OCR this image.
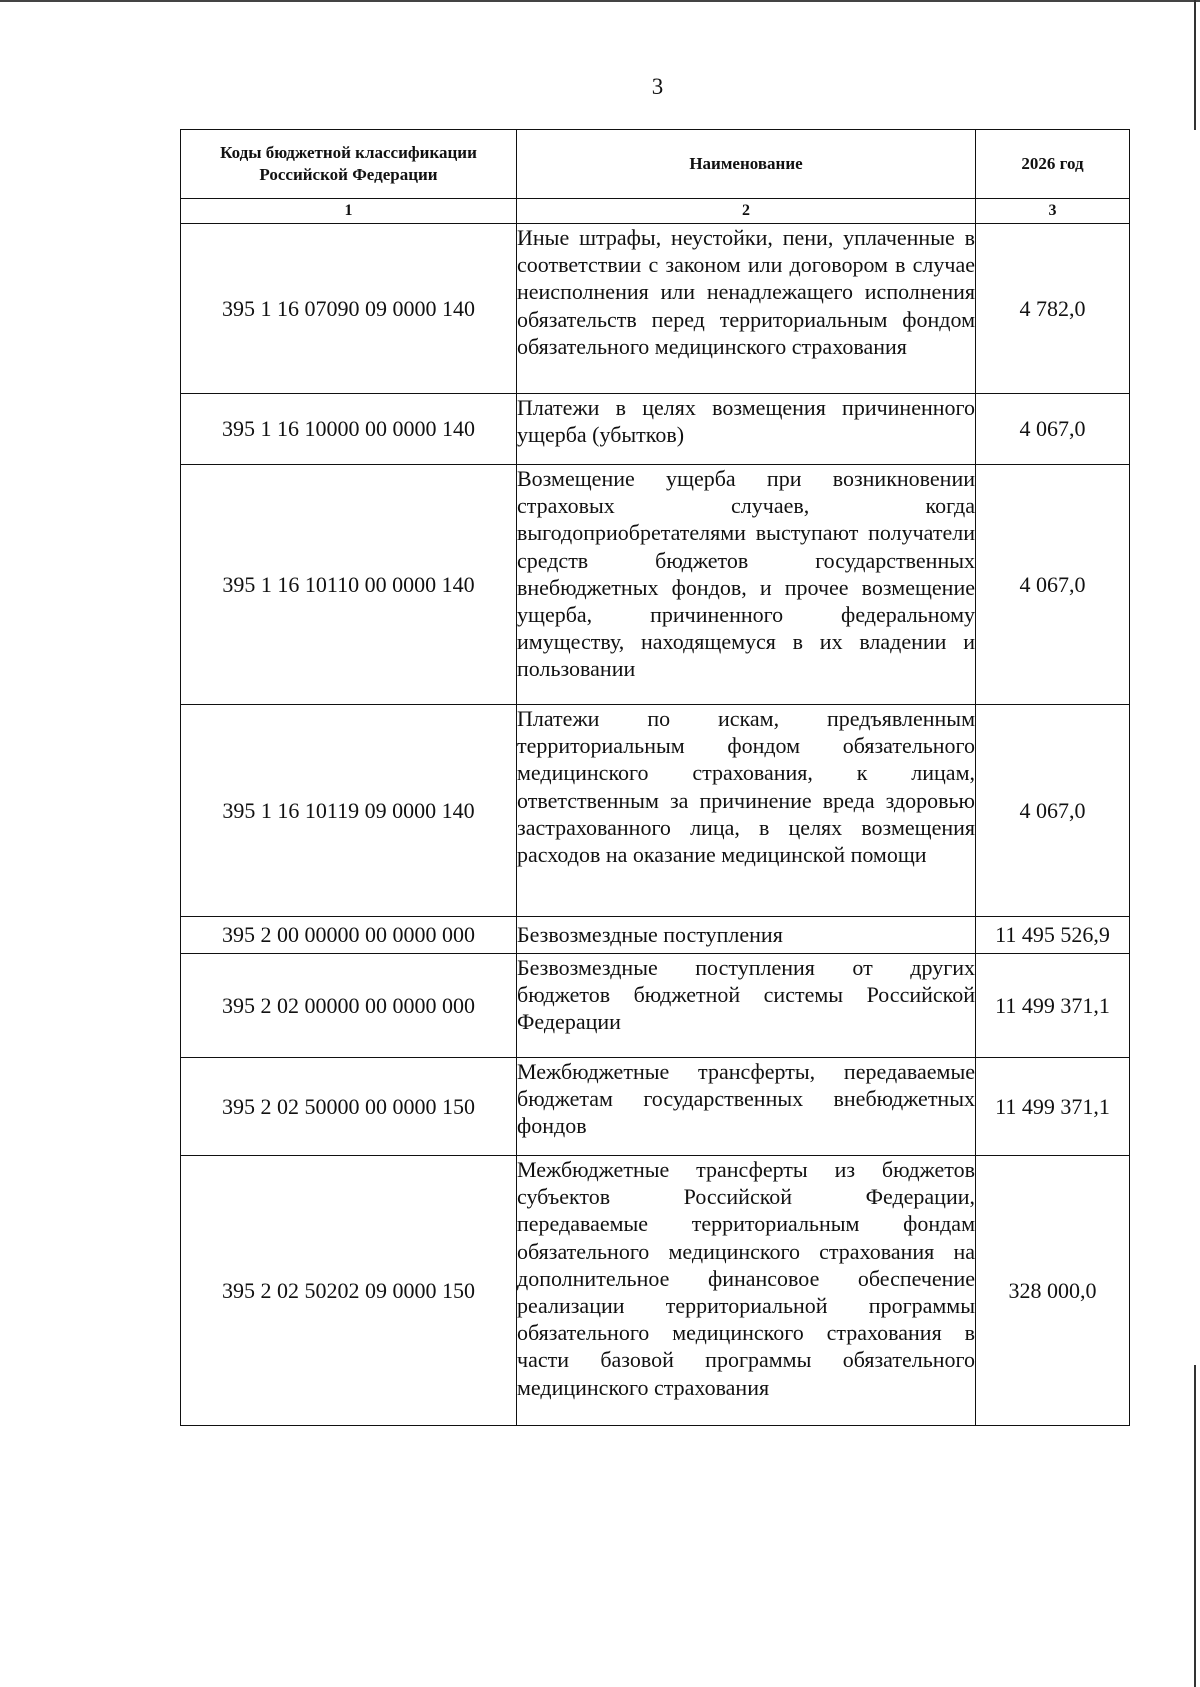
3
Коды бюджетной классификации Российской Федерации	Наименование	2026 год
1	2	3
395 1 16 07090 09 0000 140	Иные штрафы, неустойки, пени, уплаченные в соответствии с законом или договором в случае неисполнения или ненадлежащего исполнения обязательств перед территориальным фондом обязательного медицинского страхования	4 782,0
395 1 16 10000 00 0000 140	Платежи в целях возмещения причиненного ущерба (убытков)	4 067,0
395 1 16 10110 00 0000 140	Возмещение ущерба при возникновении страховых случаев, когда выгодоприобретателями выступают получатели средств бюджетов государственных внебюджетных фондов, и прочее возмещение ущерба, причиненного федеральному имуществу, находящемуся в их владении и пользовании	4 067,0
395 1 16 10119 09 0000 140	Платежи по искам, предъявленным территориальным фондом обязательного медицинского страхования, к лицам, ответственным за причинение вреда здоровью застрахованного лица, в целях возмещения расходов на оказание медицинской помощи	4 067,0
395 2 00 00000 00 0000 000	Безвозмездные поступления	11 495 526,9
395 2 02 00000 00 0000 000	Безвозмездные поступления от других бюджетов бюджетной системы Российской Федерации	11 499 371,1
395 2 02 50000 00 0000 150	Межбюджетные трансферты, передаваемые бюджетам государственных внебюджетных фондов	11 499 371,1
395 2 02 50202 09 0000 150	Межбюджетные трансферты из бюджетов субъектов Российской Федерации, передаваемые территориальным фондам обязательного медицинского страхования на дополнительное финансовое обеспечение реализации территориальной программы обязательного медицинского страхования в части базовой программы обязательного медицинского страхования	328 000,0
